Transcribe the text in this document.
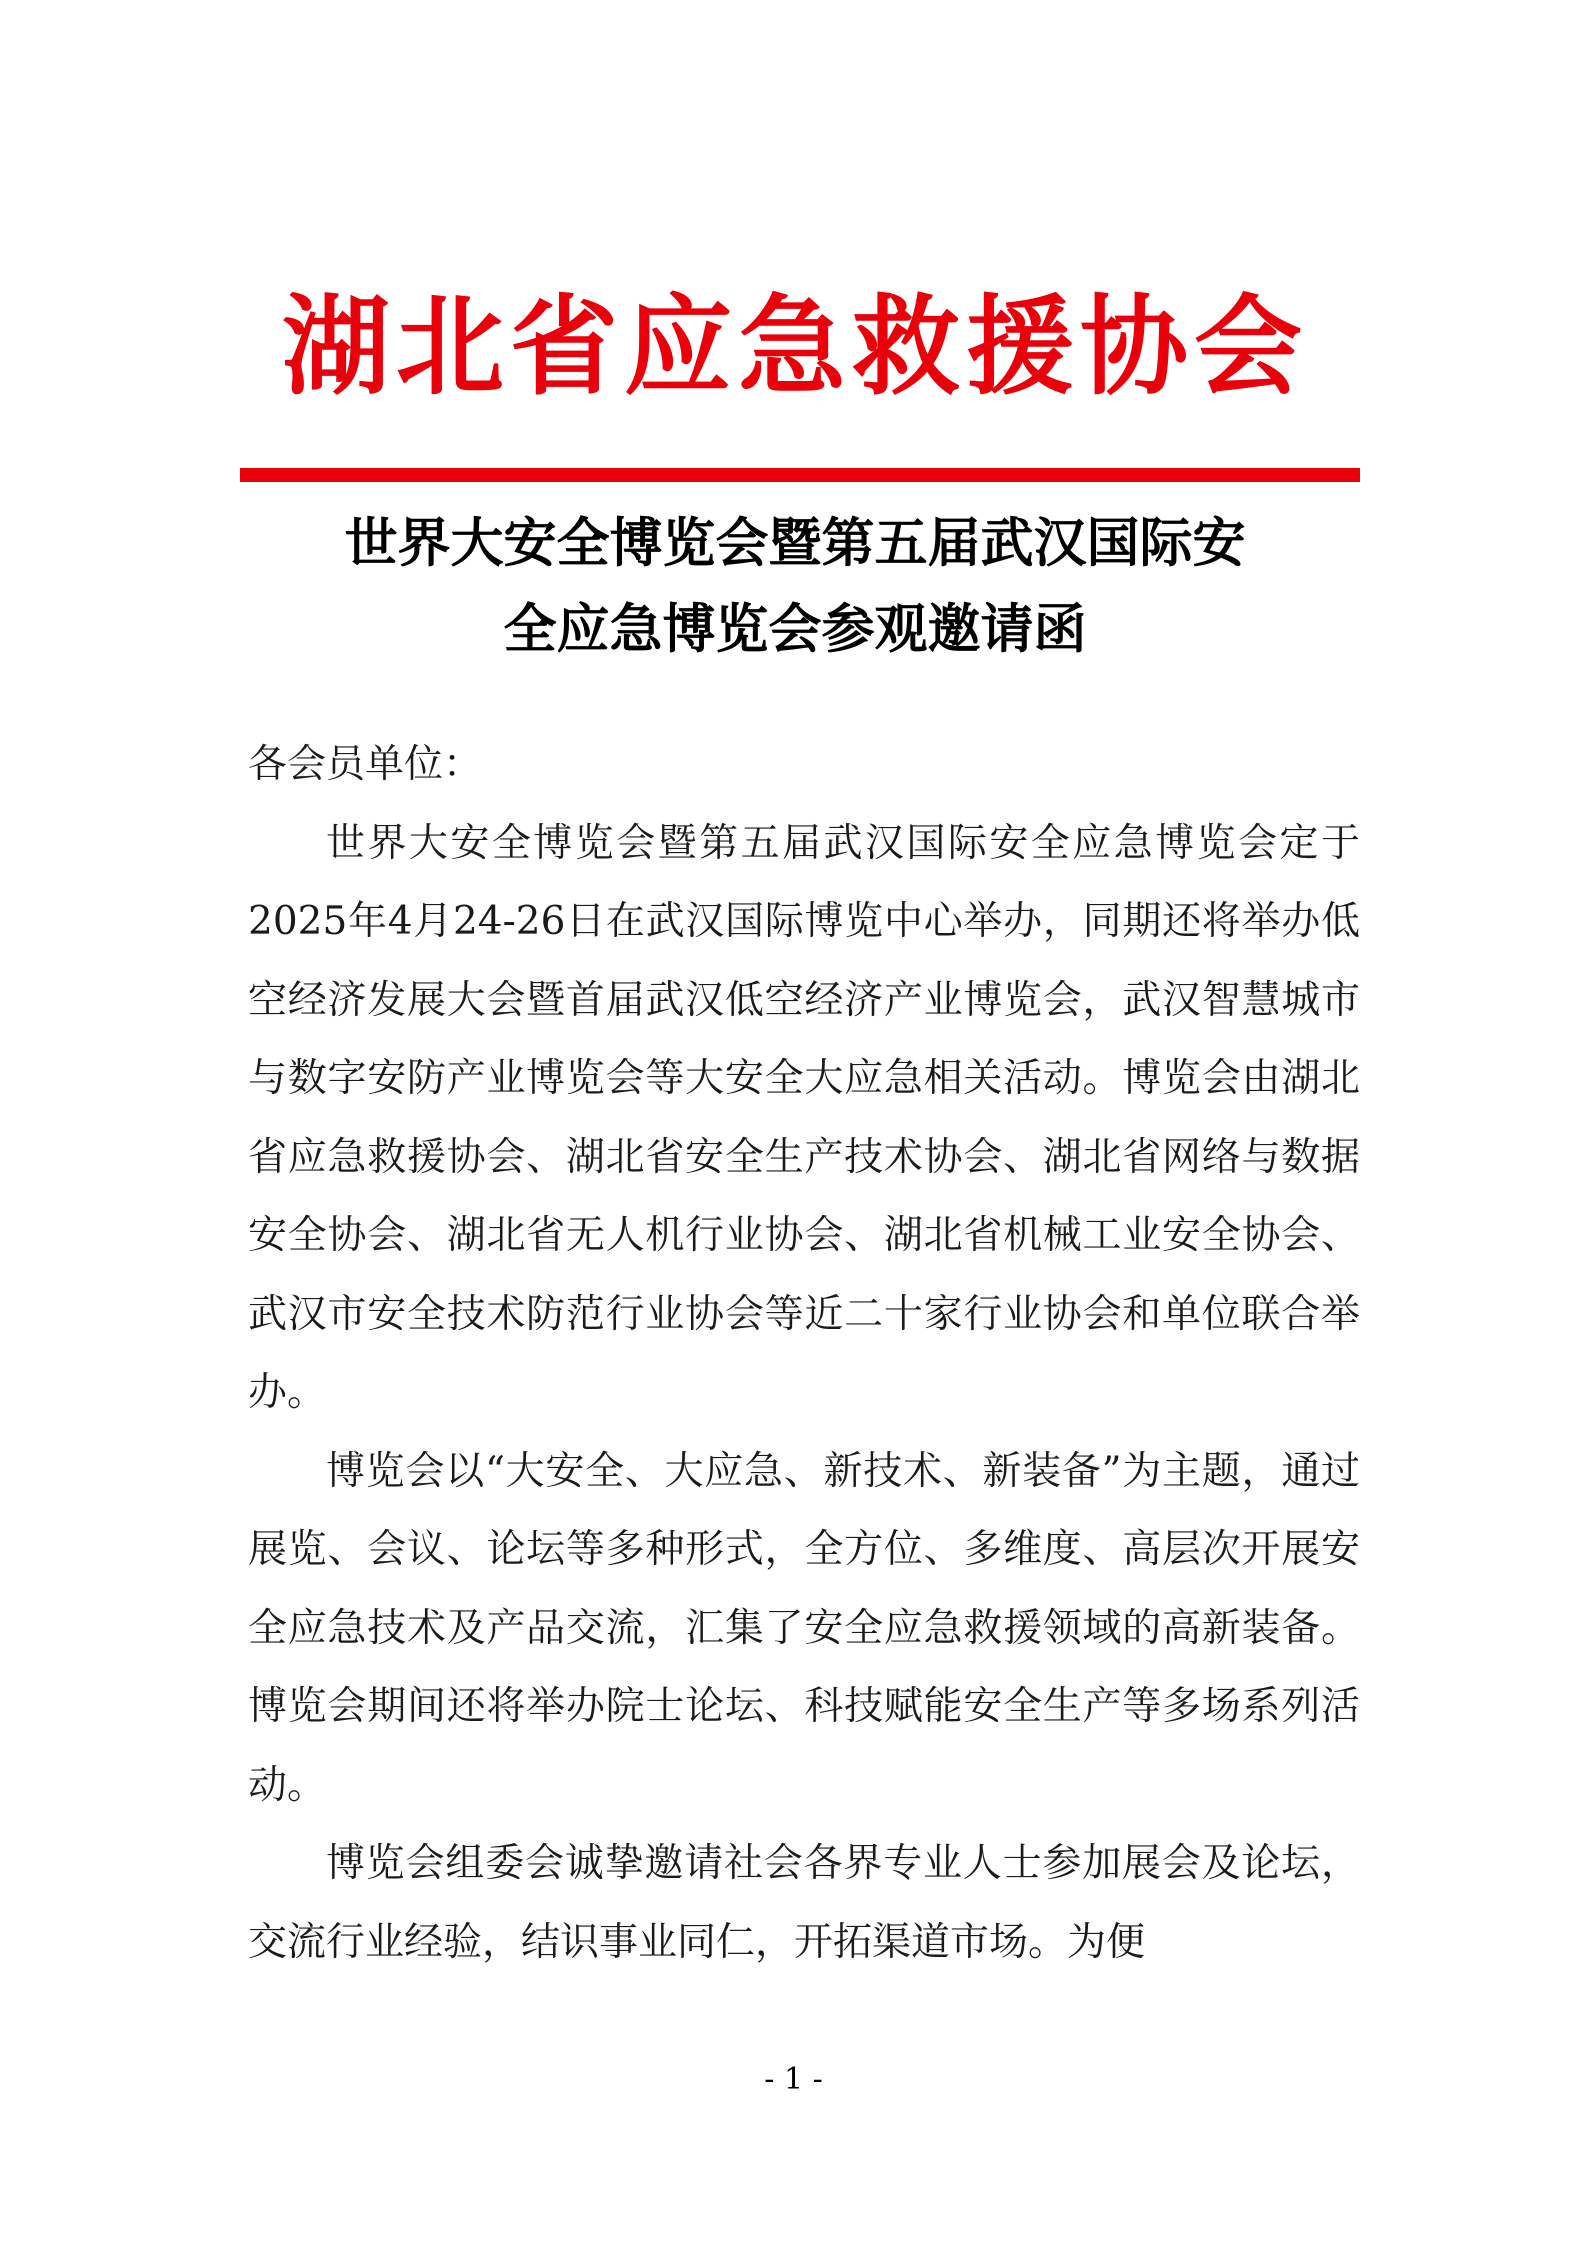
湖北省应急救援协会
世界大安全博览会暨第五届武汉国际安
全应急博览会参观邀请函

各会员单位：

世界大安全博览会暨第五届武汉国际安全应急博览会定于2025年4月24-26日在武汉国际博览中心举办，同期还将举办低空经济发展大会暨首届武汉低空经济产业博览会，武汉智慧城市与数字安防产业博览会等大安全大应急相关活动。博览会由湖北省应急救援协会、湖北省安全生产技术协会、湖北省网络与数据安全协会、湖北省无人机行业协会、湖北省机械工业安全协会、武汉市安全技术防范行业协会等近二十家行业协会和单位联合举办。

博览会以“大安全、大应急、新技术、新装备”为主题，通过展览、会议、论坛等多种形式，全方位、多维度、高层次开展安全应急技术及产品交流，汇集了安全应急救援领域的高新装备。博览会期间还将举办院士论坛、科技赋能安全生产等多场系列活动。

博览会组委会诚挚邀请社会各界专业人士参加展会及论坛，交流行业经验，结识事业同仁，开拓渠道市场。为便

- 1 -
